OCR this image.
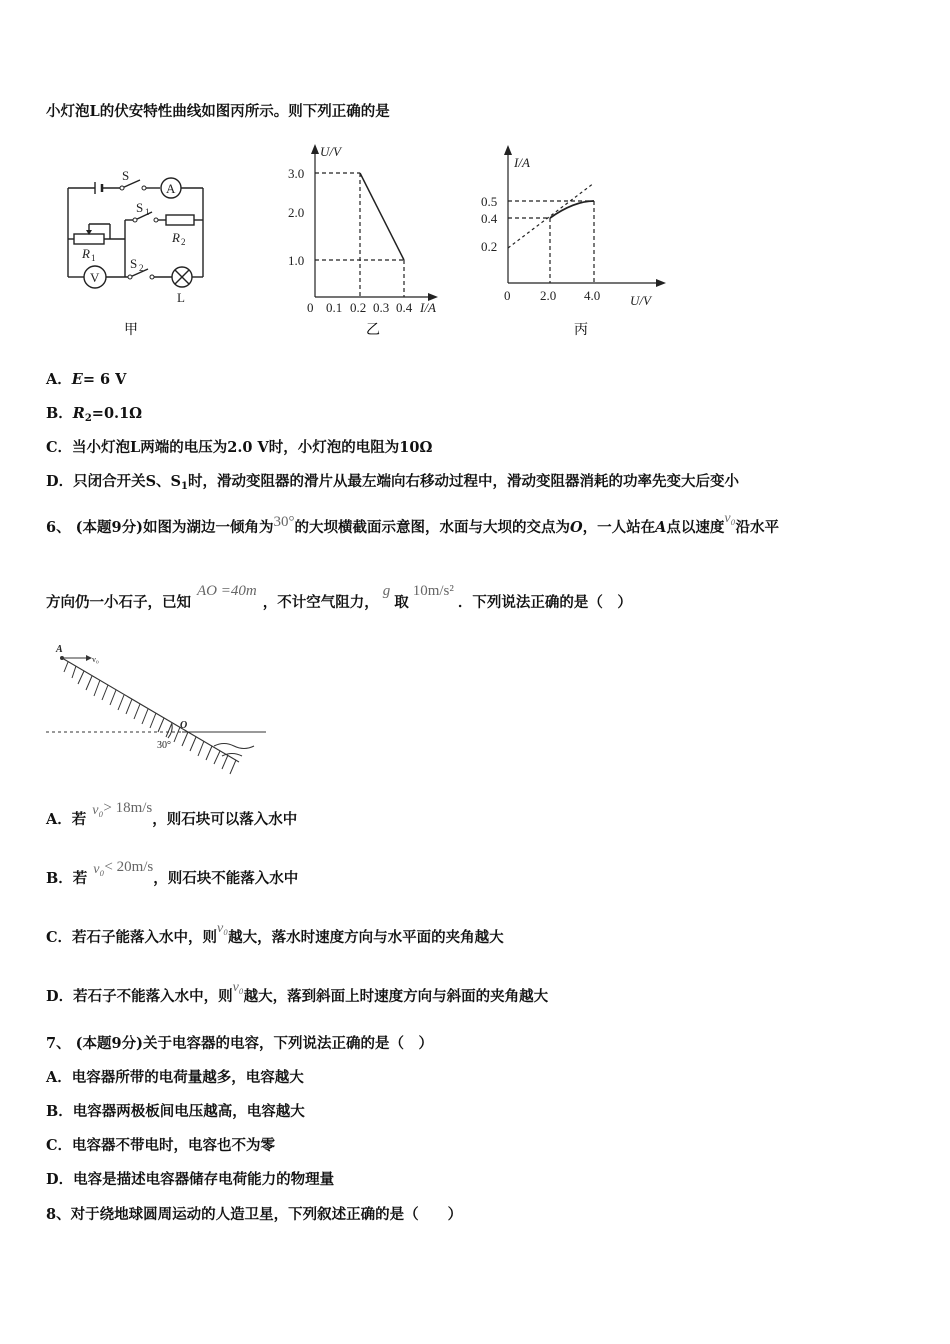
小灯泡L的伏安特性曲线如图丙所示。则下列正确的是
S
A
S 1
R 2
R 1
V
S 2
L
甲
U/V
3.0
2.0
1.0
0 0.1 0.2 0.3 0.4 I/A
乙
I/A
0.5
0.4
0.2
0 2.0 4.0 U/V
丙
A．E= 6 V
B．$R_2=0.1\Omega$
C．当小灯泡L两端的电压为2.0 V时，小灯泡的电阻为10Ω
D．只闭合开关S、$S_1$时，滑动变阻器的滑片从最左端向右移动过程中，滑动变阻器消耗的功率先变大后变小
6、 (本题9分)如图为湖边一倾角为30°的大坝横截面示意图，水面与大坝的交点为O，一人站在A点以速度v₀沿水平
方向仍一小石子，已知AO =40m，不计空气阻力，g取10m/s²．下列说法正确的是（　）
A
v₀
O
30°
A．若v₀> 18m/s，则石块可以落入水中
B．若v₀< 20m/s，则石块不能落入水中
C．若石子能落入水中，则v₀越大，落水时速度方向与水平面的夹角越大
D．若石子不能落入水中，则v₀越大，落到斜面上时速度方向与斜面的夹角越大
7、 (本题9分)关于电容器的电容，下列说法正确的是（　）
A．电容器所带的电荷量越多，电容越大
B．电容器两极板间电压越高，电容越大
C．电容器不带电时，电容也不为零
D．电容是描述电容器储存电荷能力的物理量
8、对于绕地球圆周运动的人造卫星，下列叙述正确的是（　　）
